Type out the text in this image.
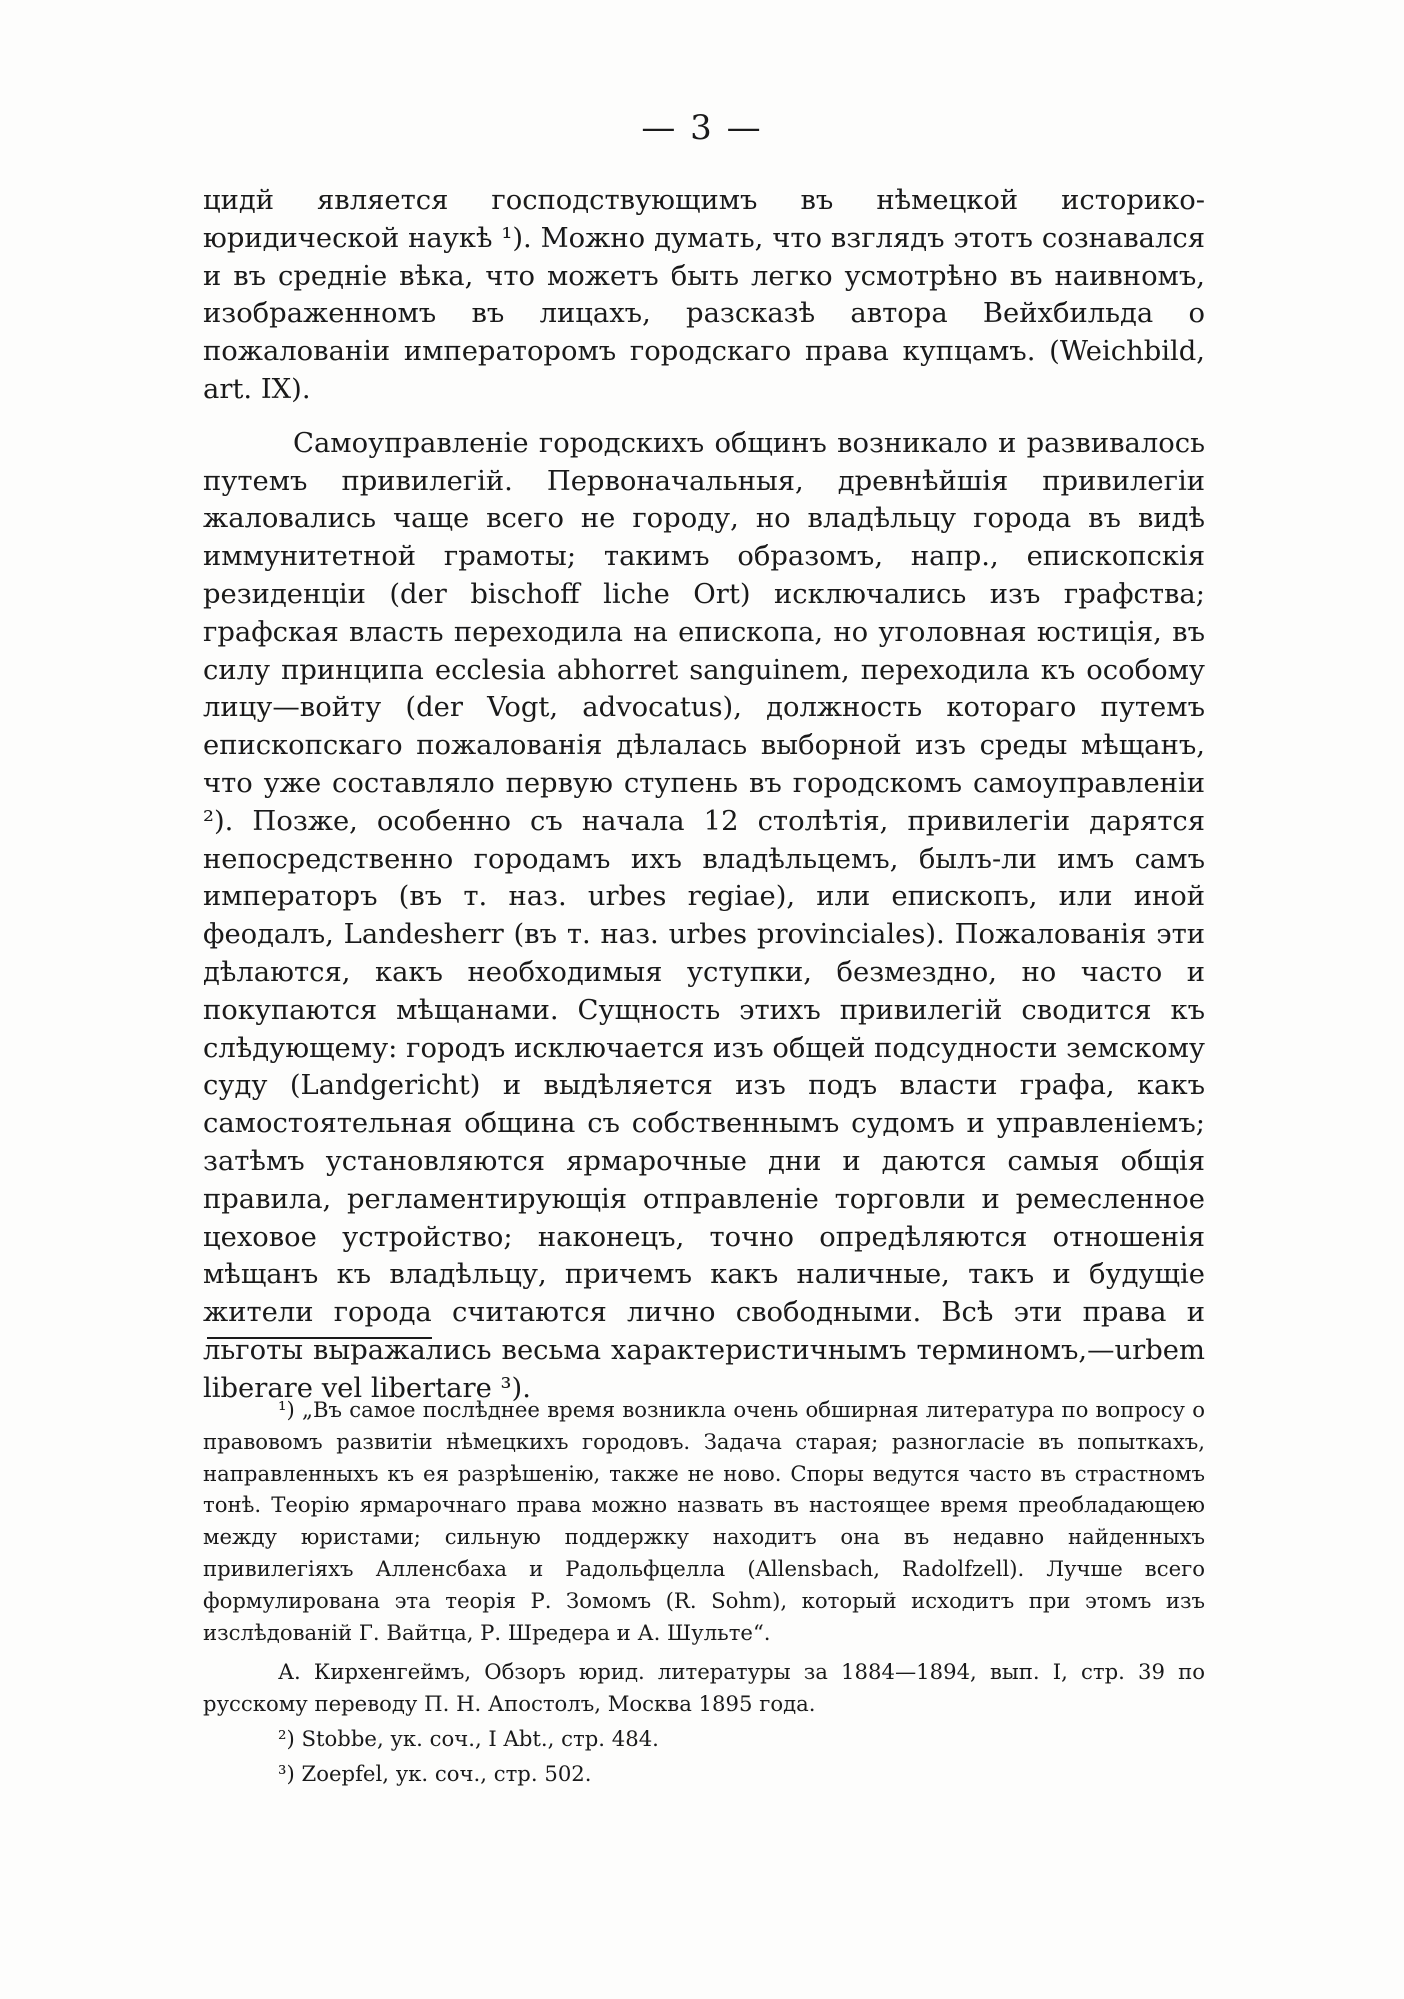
— 3 —

цидй является господствующимъ въ нѣмецкой историко-юридической наукѣ ¹). Можно думать, что взглядъ этотъ сознавался и въ средніе вѣка, что можетъ быть легко усмотрѣно въ наивномъ, изображенномъ въ лицахъ, разсказѣ автора Вейхбильда о пожалованіи императоромъ городскаго права купцамъ. (Weichbild, art. IX).

Самоуправленіе городскихъ общинъ возникало и развивалось путемъ привилегій. Первоначальныя, древнѣйшія привилегіи жаловались чаще всего не городу, но владѣльцу города въ видѣ иммунитетной грамоты; такимъ образомъ, напр., епископскія резиденціи (der bischoff liche Ort) исключались изъ графства; графская власть переходила на епископа, но уголовная юстиція, въ силу принципа ecclesia abhorret sanguinem, переходила къ особому лицу—войту (der Vogt, advocatus), должность котораго путемъ епископскаго пожалованія дѣлалась выборной изъ среды мѣщанъ, что уже составляло первую ступень въ городскомъ самоуправленіи ²). Позже, особенно съ начала 12 столѣтія, привилегіи дарятся непосредственно городамъ ихъ владѣльцемъ, былъ-ли имъ самъ императоръ (въ т. наз. urbes regiae), или епископъ, или иной феодалъ, Landesherr (въ т. наз. urbes provinciales). Пожалованія эти дѣлаются, какъ необходимыя уступки, безмездно, но часто и покупаются мѣщанами. Сущность этихъ привилегій сводится къ слѣдующему: городъ исключается изъ общей подсудности земскому суду (Landgericht) и выдѣляется изъ подъ власти графа, какъ самостоятельная община съ собственнымъ судомъ и управленіемъ; затѣмъ установляются ярмарочные дни и даются самыя общія правила, регламентирующія отправленіе торговли и ремесленное цеховое устройство; наконецъ, точно опредѣляются отношенія мѣщанъ къ владѣльцу, причемъ какъ наличные, такъ и будущіе жители города считаются лично свободными. Всѣ эти права и льготы выражались весьма характеристичнымъ терминомъ,—urbem liberare vel libertare ³).

¹) „Въ самое послѣднее время возникла очень обширная литература по вопросу о правовомъ развитіи нѣмецкихъ городовъ. Задача старая; разногласіе въ попыткахъ, направленныхъ къ ея разрѣшенію, также не ново. Споры ведутся часто въ страстномъ тонѣ. Теорію ярмарочнаго права можно назвать въ настоящее время преобладающею между юристами; сильную поддержку находитъ она въ недавно найденныхъ привилегіяхъ Алленсбаха и Радольфцелла (Allensbach, Radolfzell). Лучше всего формулирована эта теорія Р. Зомомъ (R. Sohm), который исходитъ при этомъ изъ изслѣдованій Г. Вайтца, Р. Шредера и А. Шульте“.

А. Кирхенгеймъ, Обзоръ юрид. литературы за 1884—1894, вып. I, стр. 39 по русскому переводу П. Н. Апостолъ, Москва 1895 года.

²) Stobbe, ук. соч., I Abt., стр. 484.

³) Zoepfel, ук. соч., стр. 502.
